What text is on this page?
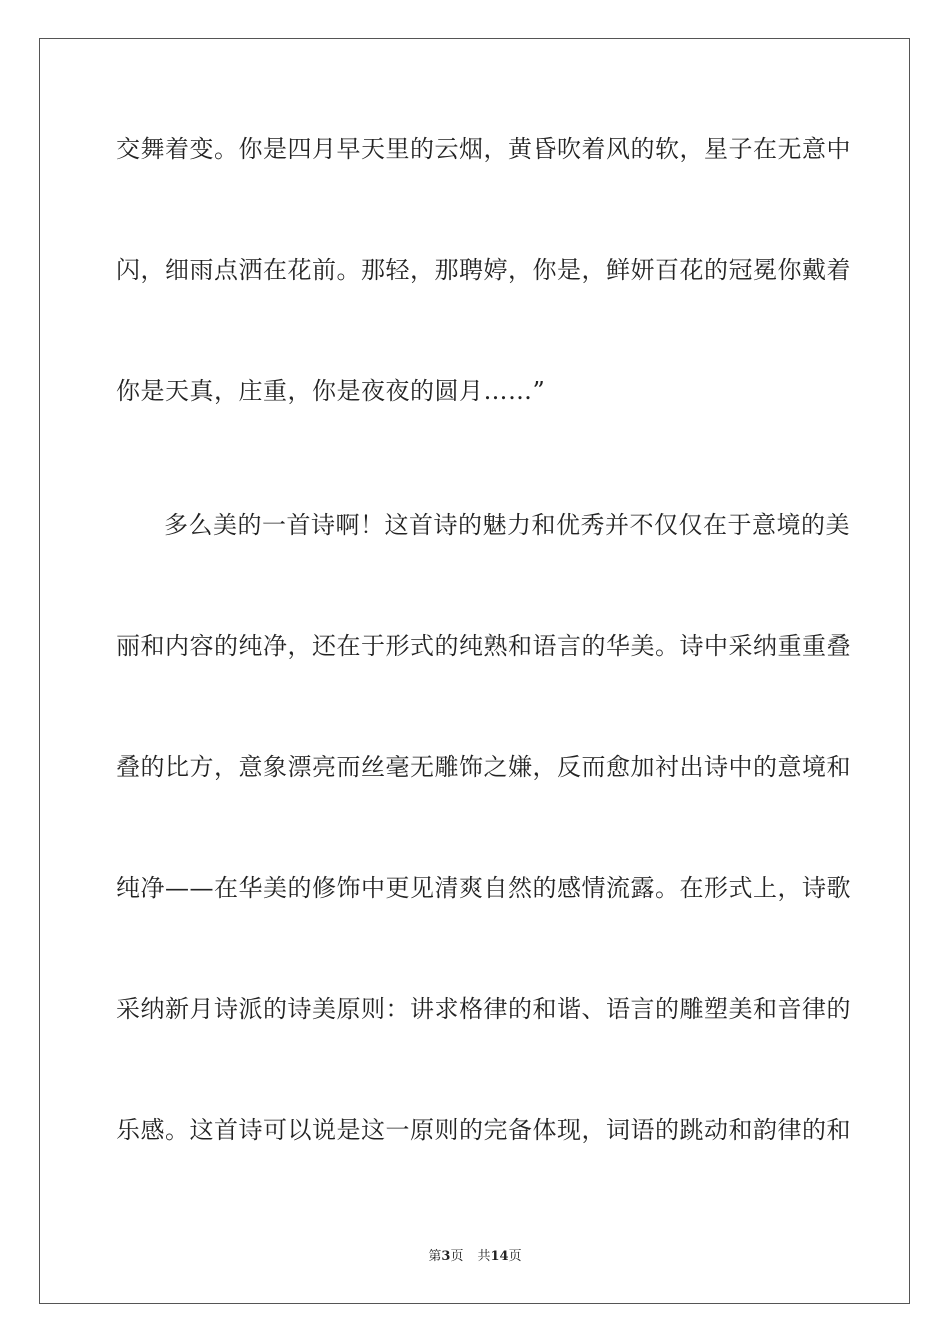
交舞着变。你是四月早天里的云烟，黄昏吹着风的软，星子在无意中
闪，细雨点洒在花前。那轻，那聘婷，你是，鲜妍百花的冠冕你戴着
你是天真，庄重，你是夜夜的圆月……”
多么美的一首诗啊！这首诗的魅力和优秀并不仅仅在于意境的美
丽和内容的纯净，还在于形式的纯熟和语言的华美。诗中采纳重重叠
叠的比方，意象漂亮而丝毫无雕饰之嫌，反而愈加衬出诗中的意境和
纯净——在华美的修饰中更见清爽自然的感情流露。在形式上，诗歌
采纳新月诗派的诗美原则：讲求格律的和谐、语言的雕塑美和音律的
乐感。这首诗可以说是这一原则的完备体现，词语的跳动和韵律的和
第3页 共14页
